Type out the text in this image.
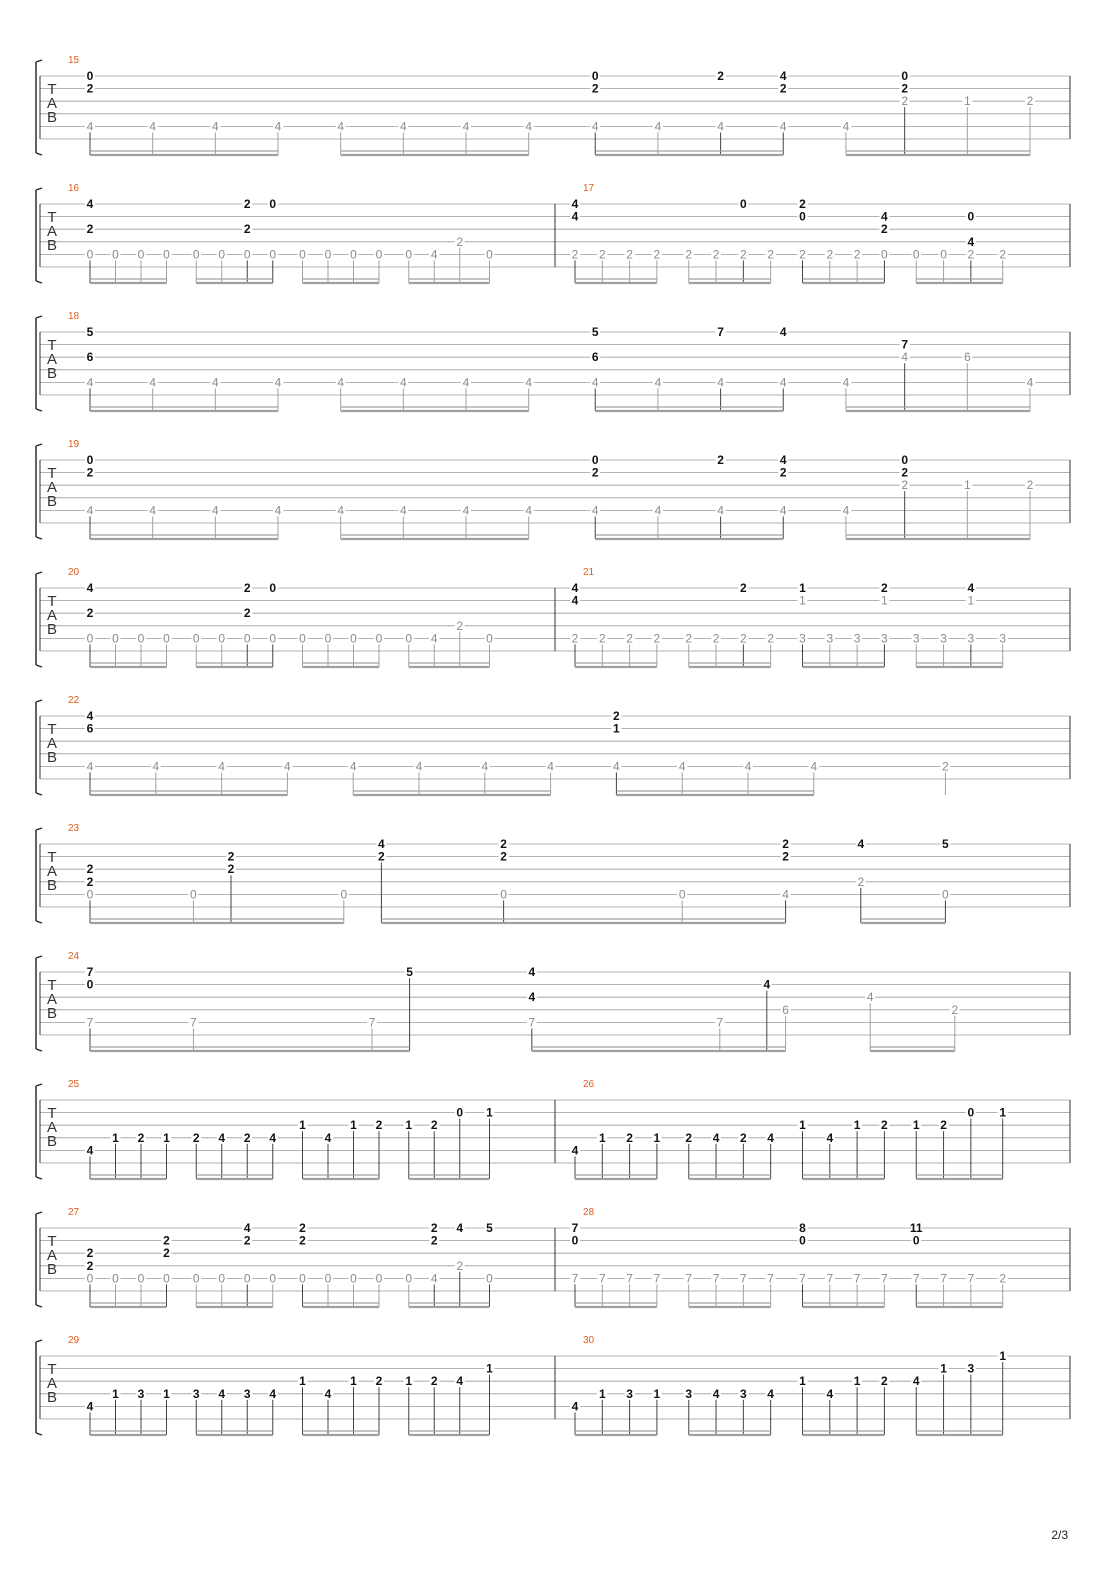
T
A
B
15
0
2
4	4	4	4	4	4	4	4
0
2
4	4
2
4
4
2
4	4
0
2
2	1	2
T
A
B
16
4
2
0 0 0 0 0 0
2
2
0
0
0 0 0 0 0 0 4
2
0
17
4
4
2 2 2 2 2 2
0
2 2
2
0
2 2 2
4
2
0 0 0
0
4
2 2
T
A
B
18
5
6
4	4	4	4	4	4	4	4
5
6
4	4
7
4
4
4	4
7
4	6
4
T
A
B
19
0
2
4	4	4	4	4	4	4	4
0
2
4	4
2
4
4
2
4	4
0
2
2	1	2
T
A
B
20
4
2
0 0 0 0 0 0
2
2
0
0
0 0 0 0 0 0 4
2
0
21
4
4
2 2 2 2 2 2
2
2 2
1
1
3 3 3
2
1
3 3 3
4
1
3 3
T
A
B
22
4
6
4	4	4	4	4	4	4	4
2
1
4	4	4	4	2
T
A
B
23
2
2
0	0
2
2
0
4
2
2
2
0	0
2
2
4
4
2
5
0
T
A
B
24
7
0
7	7	7
5	4
4
7	7
4
6
4
2
T
A
B
25
4
1 2 1 2 4 2 4
1
4
1 2 1 2
0 1
26
4
1 2 1 2 4 2 4
1
4
1 2 1 2
0 1
T
A
B
27
2
2
0 0 0
2
2
0 0 0
4
2
0 0
2
2
0 0 0 0 0
2
2
4
4
2
5
0
28
7
0
7 7 7 7 7 7 7 7
8
0
7 7 7 7
11
0
7 7 7 2
T
A
B
29
4
1 3 1 3 4 3 4
1
4
1 2 1 2 4
1
30
4
1 3 1 3 4 3 4
1
4
1 2 4
1 3
1
2/3
